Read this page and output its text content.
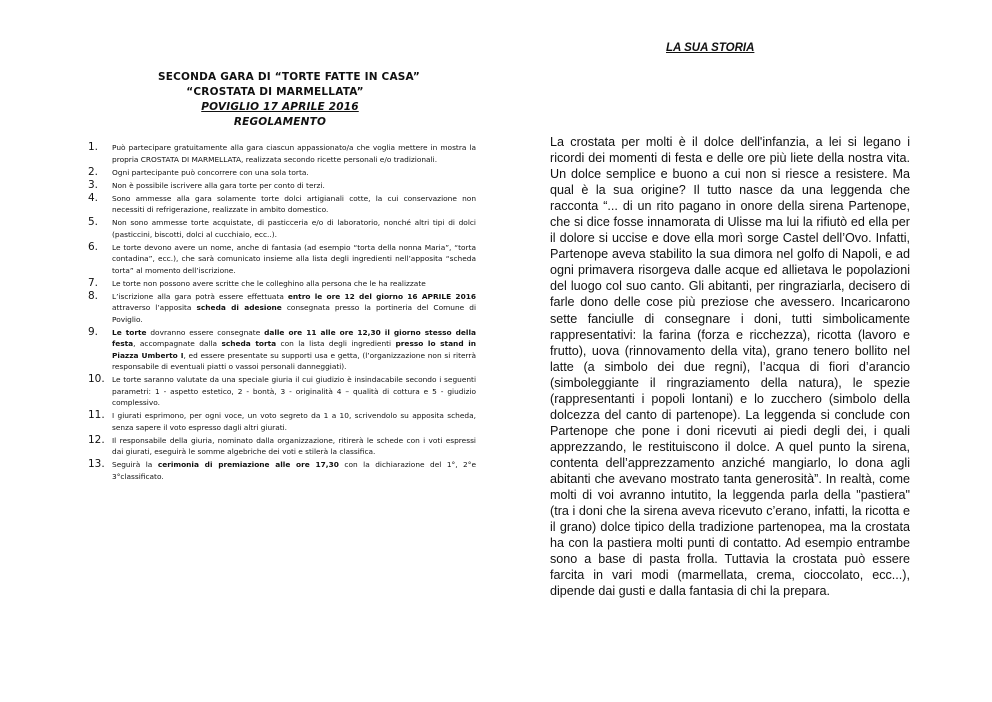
SECONDA GARA DI “TORTE FATTE IN CASA”
“CROSTATA DI MARMELLATA”
POVIGLIO 17 APRILE 2016
REGOLAMENTO
1.	Può partecipare gratuitamente alla gara ciascun appassionato/a che voglia mettere in mostra la propria CROSTATA DI MARMELLATA, realizzata secondo ricette personali e/o tradizionali.
2.	Ogni partecipante può concorrere con una sola torta.
3.	Non è possibile iscrivere alla gara torte per conto di terzi.
4.	Sono ammesse alla gara solamente torte dolci artigianali cotte, la cui conservazione non necessiti di refrigerazione, realizzate in ambito domestico.
5.	Non sono ammesse torte acquistate, di pasticceria e/o di laboratorio, nonché altri tipi di dolci (pasticcini, biscotti, dolci al cucchiaio, ecc..).
6.	Le torte devono avere un nome, anche di fantasia (ad esempio “torta della nonna Maria”, “torta contadina”, ecc.), che sarà comunicato insieme alla lista degli ingredienti nell’apposita “scheda torta” al momento dell’iscrizione.
7.	Le torte non possono avere scritte che le colleghino alla persona che le ha realizzate
8.	L’iscrizione alla gara potrà essere effettuata entro le ore 12 del giorno 16 APRILE 2016 attraverso l’apposita scheda di adesione consegnata presso la portineria del Comune di Poviglio.
9.	Le torte dovranno essere consegnate dalle ore 11 alle ore 12,30 il giorno stesso della festa, accompagnate dalla scheda torta con la lista degli ingredienti presso lo stand in Piazza Umberto I, ed essere presentate su supporti usa e getta, (l’organizzazione non si riterrà responsabile di eventuali piatti o vassoi personali danneggiati).
10. Le torte saranno valutate da una speciale giuria il cui giudizio è insindacabile secondo i seguenti parametri: 1 - aspetto estetico, 2 - bontà, 3 - originalità 4 – qualità di cottura e 5 - giudizio complessivo.
11. I giurati esprimono, per ogni voce, un voto segreto da 1 a 10, scrivendolo su apposita scheda, senza sapere il voto espresso dagli altri giurati.
12. Il responsabile della giuria, nominato dalla organizzazione, ritirerà le schede con i voti espressi dai giurati, eseguirà le somme algebriche dei voti e stilerà la classifica.
13. Seguirà la cerimonia di premiazione alle ore 17,30 con la dichiarazione del 1°, 2°e 3°classificato.
LA SUA STORIA
La crostata per molti è il dolce dell'infanzia, a lei si legano i ricordi dei momenti di festa e delle ore più liete della nostra vita. Un dolce semplice e buono a cui non si riesce a resistere. Ma qual è la sua origine? Il tutto nasce da una leggenda che racconta “... di un rito pagano in onore della sirena Partenope, che si dice fosse innamorata di Ulisse ma lui la rifiutò ed ella per il dolore si uccise e dove ella morì sorge Castel dell’Ovo. Infatti, Partenope aveva stabilito la sua dimora nel golfo di Napoli, e ad ogni primavera risorgeva dalle acque ed allietava le popolazioni del luogo col suo canto. Gli abitanti, per ringraziarla, decisero di farle dono delle cose più preziose che avessero. Incaricarono sette fanciulle di consegnare i doni, tutti simbolicamente rappresentativi: la farina (forza e ricchezza), ricotta (lavoro e frutto), uova (rinnovamento della vita), grano tenero bollito nel latte (a simbolo dei due regni), l’acqua di fiori d’arancio (simboleggiante il ringraziamento della natura), le spezie (rappresentanti i popoli lontani) e lo zucchero (simbolo della dolcezza del canto di partenope). La leggenda si conclude con Partenope che pone i doni ricevuti ai piedi degli dei, i quali apprezzando, le restituiscono il dolce. A quel punto la sirena, contenta dell’apprezzamento anziché mangiarlo, lo dona agli abitanti che avevano mostrato tanta generosità”. In realtà, come molti di voi avranno intutito, la leggenda parla della "pastiera" (tra i doni che la sirena aveva ricevuto c’erano, infatti, la ricotta e il grano) dolce tipico della tradizione partenopea, ma la crostata ha con la pastiera molti punti di contatto. Ad esempio entrambe sono a base di pasta frolla. Tuttavia la crostata può essere farcita in vari modi (marmellata, crema, cioccolato, ecc...), dipende dai gusti e dalla fantasia di chi la prepara.
